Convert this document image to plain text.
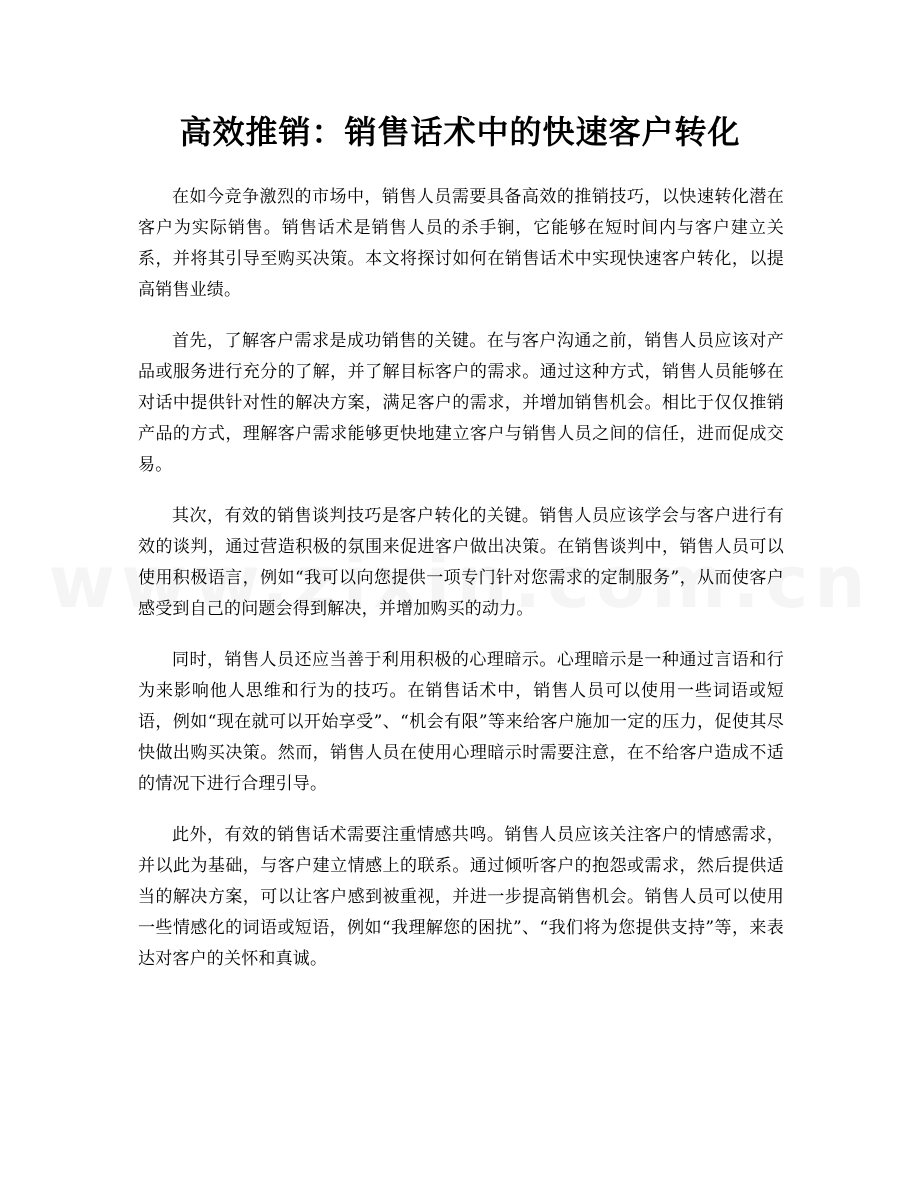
高效推销：销售话术中的快速客户转化

在如今竞争激烈的市场中，销售人员需要具备高效的推销技巧，以快速转化潜在客户为实际销售。销售话术是销售人员的杀手锏，它能够在短时间内与客户建立关系，并将其引导至购买决策。本文将探讨如何在销售话术中实现快速客户转化，以提高销售业绩。

首先，了解客户需求是成功销售的关键。在与客户沟通之前，销售人员应该对产品或服务进行充分的了解，并了解目标客户的需求。通过这种方式，销售人员能够在对话中提供针对性的解决方案，满足客户的需求，并增加销售机会。相比于仅仅推销产品的方式，理解客户需求能够更快地建立客户与销售人员之间的信任，进而促成交易。

其次，有效的销售谈判技巧是客户转化的关键。销售人员应该学会与客户进行有效的谈判，通过营造积极的氛围来促进客户做出决策。在销售谈判中，销售人员可以使用积极语言，例如“我可以向您提供一项专门针对您需求的定制服务”，从而使客户感受到自己的问题会得到解决，并增加购买的动力。

同时，销售人员还应当善于利用积极的心理暗示。心理暗示是一种通过言语和行为来影响他人思维和行为的技巧。在销售话术中，销售人员可以使用一些词语或短语，例如“现在就可以开始享受”、“机会有限”等来给客户施加一定的压力，促使其尽快做出购买决策。然而，销售人员在使用心理暗示时需要注意，在不给客户造成不适的情况下进行合理引导。

此外，有效的销售话术需要注重情感共鸣。销售人员应该关注客户的情感需求，并以此为基础，与客户建立情感上的联系。通过倾听客户的抱怨或需求，然后提供适当的解决方案，可以让客户感到被重视，并进一步提高销售机会。销售人员可以使用一些情感化的词语或短语，例如“我理解您的困扰”、“我们将为您提供支持”等，来表达对客户的关怀和真诚。
